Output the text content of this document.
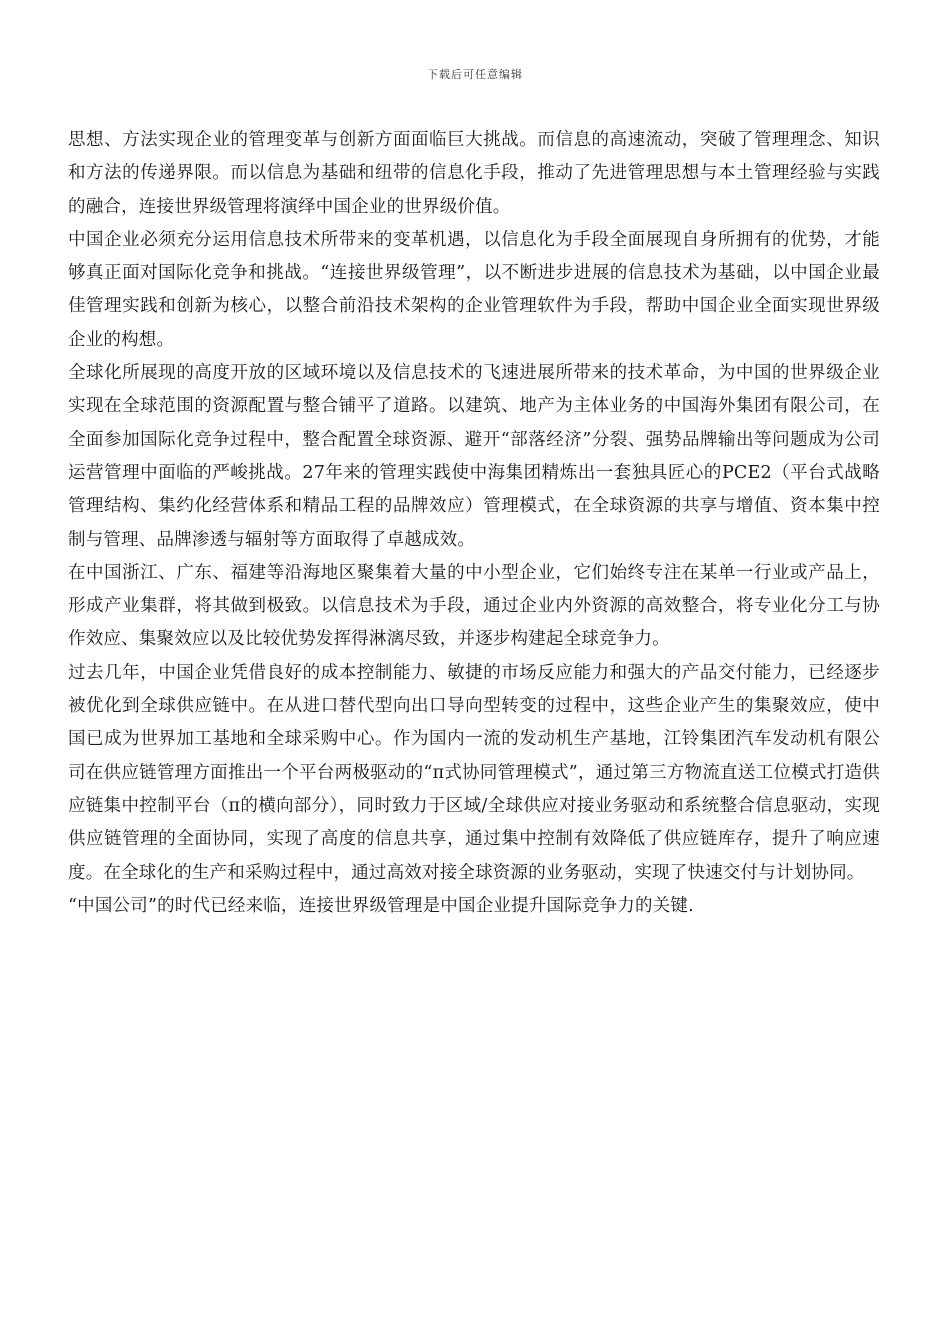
下载后可任意编辑

思想、方法实现企业的管理变革与创新方面面临巨大挑战。而信息的高速流动，突破了管理理念、知识和方法的传递界限。而以信息为基础和纽带的信息化手段，推动了先进管理思想与本土管理经验与实践的融合，连接世界级管理将演绎中国企业的世界级价值。

中国企业必须充分运用信息技术所带来的变革机遇，以信息化为手段全面展现自身所拥有的优势，才能够真正面对国际化竞争和挑战。“连接世界级管理”，以不断进步进展的信息技术为基础，以中国企业最佳管理实践和创新为核心，以整合前沿技术架构的企业管理软件为手段，帮助中国企业全面实现世界级企业的构想。

全球化所展现的高度开放的区域环境以及信息技术的飞速进展所带来的技术革命，为中国的世界级企业实现在全球范围的资源配置与整合铺平了道路。以建筑、地产为主体业务的中国海外集团有限公司，在全面参加国际化竞争过程中，整合配置全球资源、避开“部落经济”分裂、强势品牌输出等问题成为公司运营管理中面临的严峻挑战。27年来的管理实践使中海集团精炼出一套独具匠心的PCE2（平台式战略管理结构、集约化经营体系和精品工程的品牌效应）管理模式，在全球资源的共享与增值、资本集中控制与管理、品牌渗透与辐射等方面取得了卓越成效。

在中国浙江、广东、福建等沿海地区聚集着大量的中小型企业，它们始终专注在某单一行业或产品上，形成产业集群，将其做到极致。以信息技术为手段，通过企业内外资源的高效整合，将专业化分工与协作效应、集聚效应以及比较优势发挥得淋漓尽致，并逐步构建起全球竞争力。

过去几年，中国企业凭借良好的成本控制能力、敏捷的市场反应能力和强大的产品交付能力，已经逐步被优化到全球供应链中。在从进口替代型向出口导向型转变的过程中，这些企业产生的集聚效应，使中国已成为世界加工基地和全球采购中心。作为国内一流的发动机生产基地，江铃集团汽车发动机有限公司在供应链管理方面推出一个平台两极驱动的“π式协同管理模式”，通过第三方物流直送工位模式打造供应链集中控制平台（π的横向部分），同时致力于区域/全球供应对接业务驱动和系统整合信息驱动，实现供应链管理的全面协同，实现了高度的信息共享，通过集中控制有效降低了供应链库存，提升了响应速度。在全球化的生产和采购过程中，通过高效对接全球资源的业务驱动，实现了快速交付与计划协同。

“中国公司”的时代已经来临，连接世界级管理是中国企业提升国际竞争力的关键.
